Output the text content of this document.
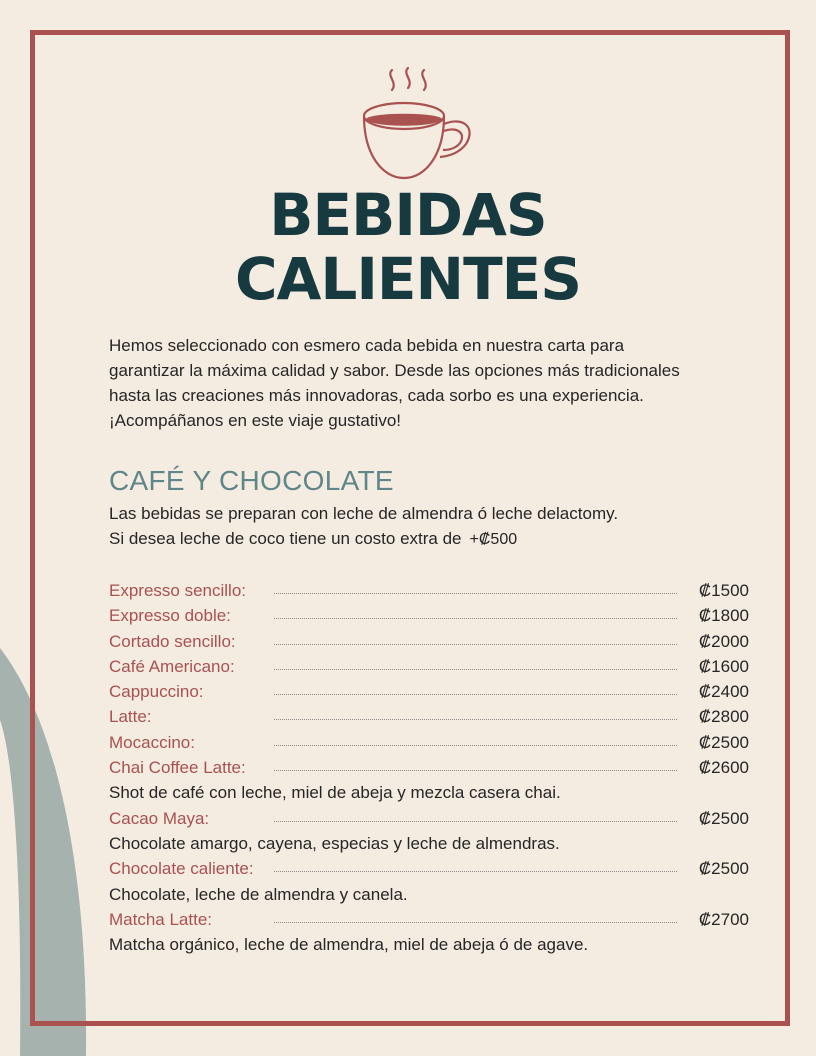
BEBIDAS
CALIENTES

Hemos seleccionado con esmero cada bebida en nuestra carta para

garantizar la máxima calidad y sabor. Desde las opciones más tradicionales

hasta las creaciones más innovadoras, cada sorbo es una experiencia.

¡Acompáñanos en este viaje gustativo!

CAFÉ Y CHOCOLATE

Las bebidas se preparan con leche de almendra ó leche delactomy.

Si desea leche de coco tiene un costo extra de +₡500

Expresso sencillo:	₡1500
Expresso doble:	₡1800
Cortado sencillo:	₡2000
Café Americano:	₡1600
Cappuccino:	₡2400
Latte:	₡2800
Mocaccino:	₡2500
Chai Coffee Latte:	₡2600
Shot de café con leche, miel de abeja y mezcla casera chai.
Cacao Maya:	₡2500
Chocolate amargo, cayena, especias y leche de almendras.
Chocolate caliente:	₡2500
Chocolate, leche de almendra y canela.
Matcha Latte:	₡2700
Matcha orgánico, leche de almendra, miel de abeja ó de agave.
